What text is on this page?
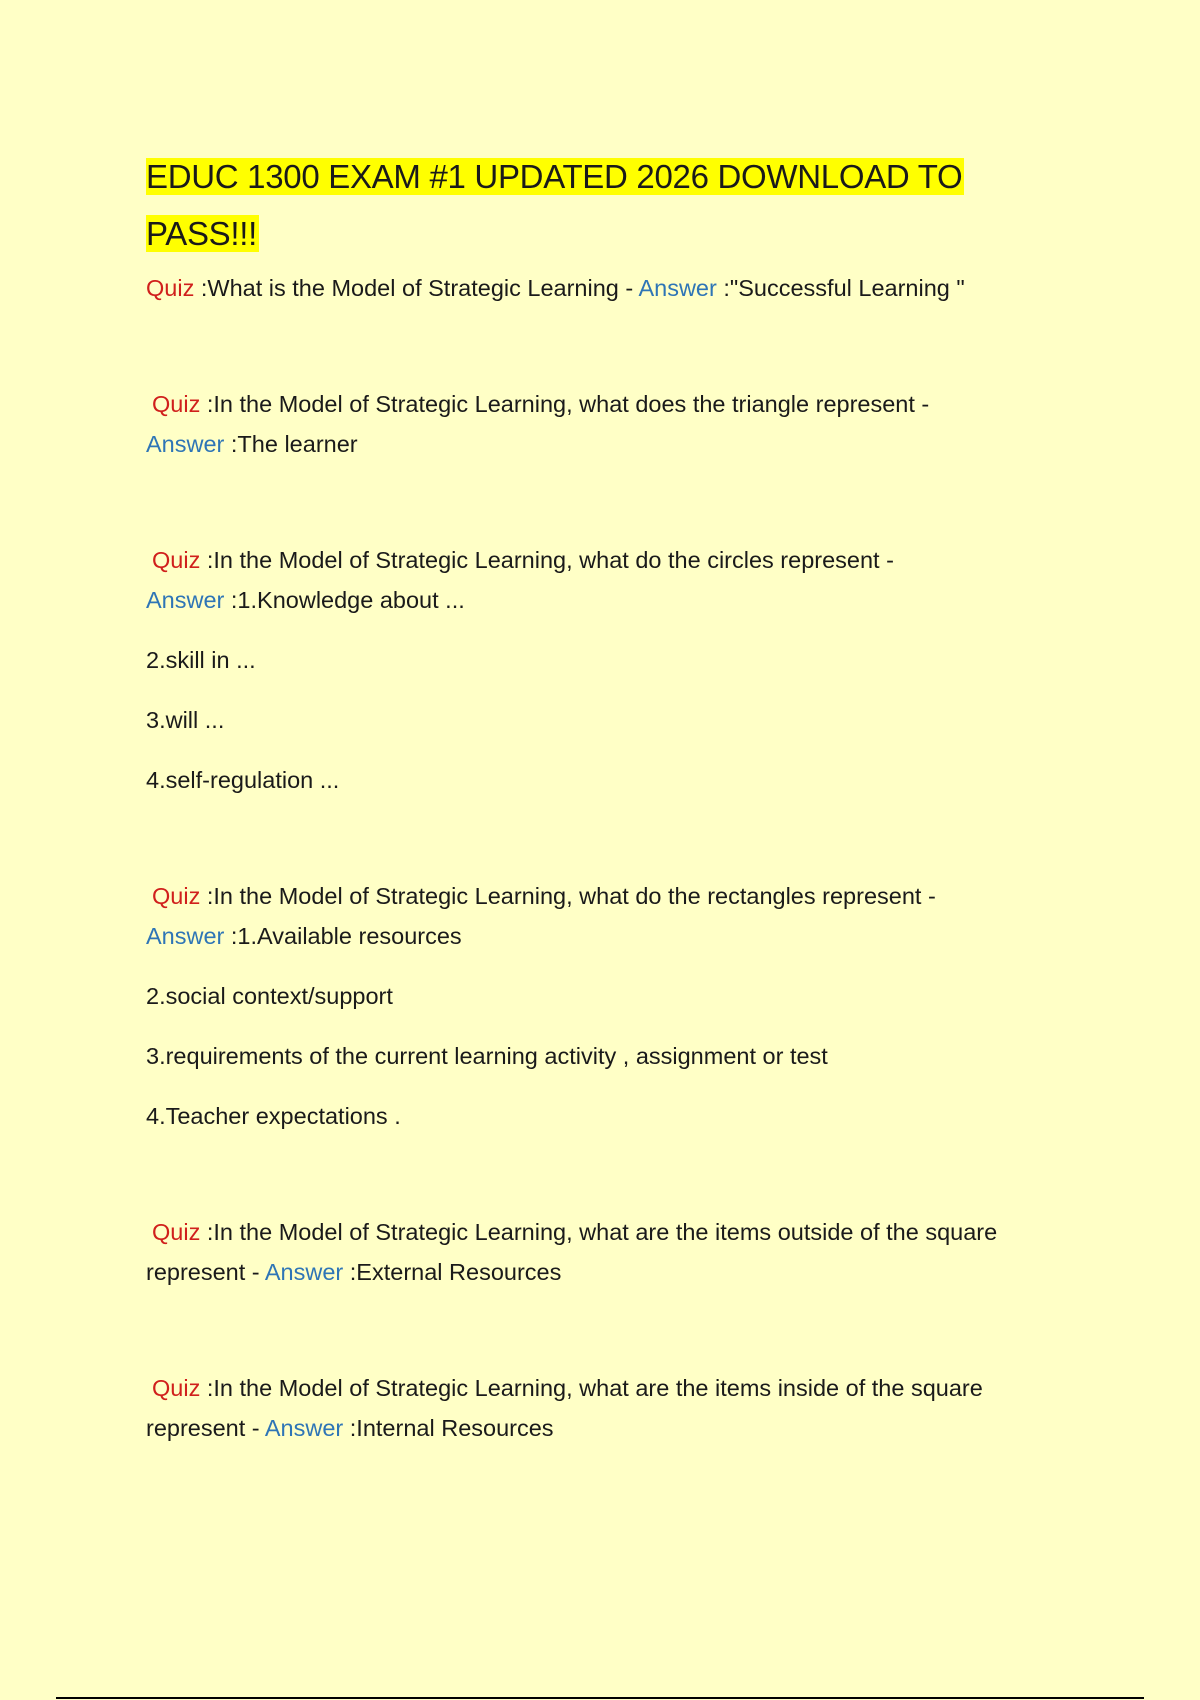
EDUC 1300 EXAM #1 UPDATED 2026 DOWNLOAD TO PASS!!!

Quiz :What is the Model of Strategic Learning - Answer :"Successful Learning "

Quiz :In the Model of Strategic Learning, what does the triangle represent -
Answer :The learner

Quiz :In the Model of Strategic Learning, what do the circles represent -
Answer :1.Knowledge about ...

2.skill in ...

3.will ...

4.self-regulation ...

Quiz :In the Model of Strategic Learning, what do the rectangles represent -
Answer :1.Available resources

2.social context/support

3.requirements of the current learning activity , assignment or test

4.Teacher expectations .

Quiz :In the Model of Strategic Learning, what are the items outside of the square represent - Answer :External Resources

Quiz :In the Model of Strategic Learning, what are the items inside of the square represent - Answer :Internal Resources
